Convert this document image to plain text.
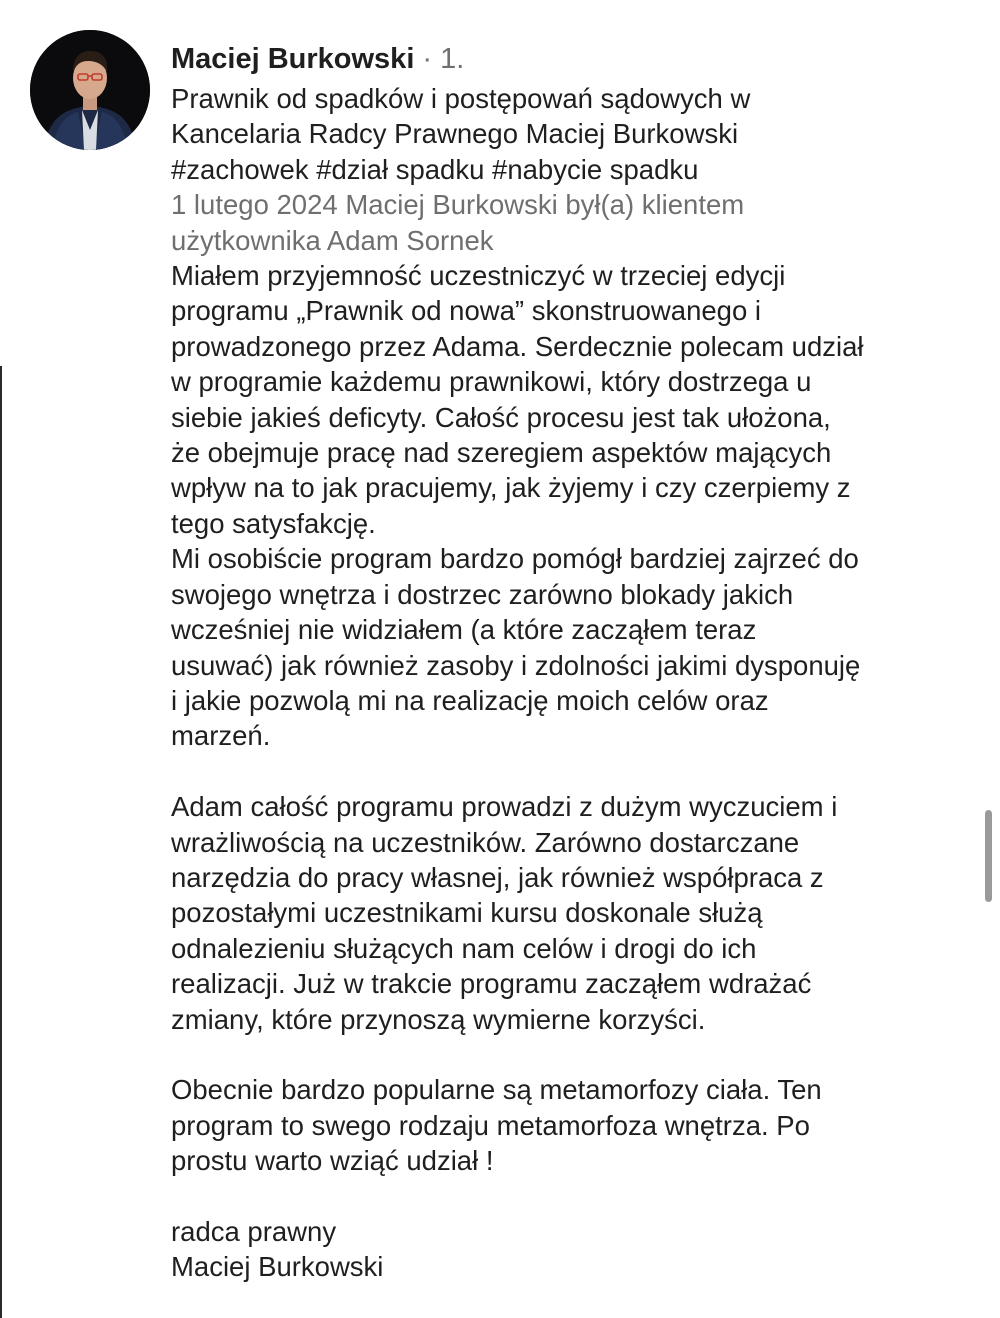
Maciej Burkowski · 1.
Prawnik od spadków i postępowań sądowych w
Kancelaria Radcy Prawnego Maciej Burkowski
#zachowek #dział spadku #nabycie spadku
1 lutego 2024 Maciej Burkowski był(a) klientem
użytkownika Adam Sornek

Miałem przyjemność uczestniczyć w trzeciej edycji
programu „Prawnik od nowa” skonstruowanego i
prowadzonego przez Adama. Serdecznie polecam udział
w programie każdemu prawnikowi, który dostrzega u
siebie jakieś deficyty. Całość procesu jest tak ułożona,
że obejmuje pracę nad szeregiem aspektów mających
wpływ na to jak pracujemy, jak żyjemy i czy czerpiemy z
tego satysfakcję.
Mi osobiście program bardzo pomógł bardziej zajrzeć do
swojego wnętrza i dostrzec zarówno blokady jakich
wcześniej nie widziałem (a które zacząłem teraz
usuwać) jak również zasoby i zdolności jakimi dysponuję
i jakie pozwolą mi na realizację moich celów oraz
marzeń.

Adam całość programu prowadzi z dużym wyczuciem i
wrażliwością na uczestników. Zarówno dostarczane
narzędzia do pracy własnej, jak również współpraca z
pozostałymi uczestnikami kursu doskonale służą
odnalezieniu służących nam celów i drogi do ich
realizacji. Już w trakcie programu zacząłem wdrażać
zmiany, które przynoszą wymierne korzyści.

Obecnie bardzo popularne są metamorfozy ciała. Ten
program to swego rodzaju metamorfoza wnętrza. Po
prostu warto wziąć udział !

radca prawny
Maciej Burkowski
